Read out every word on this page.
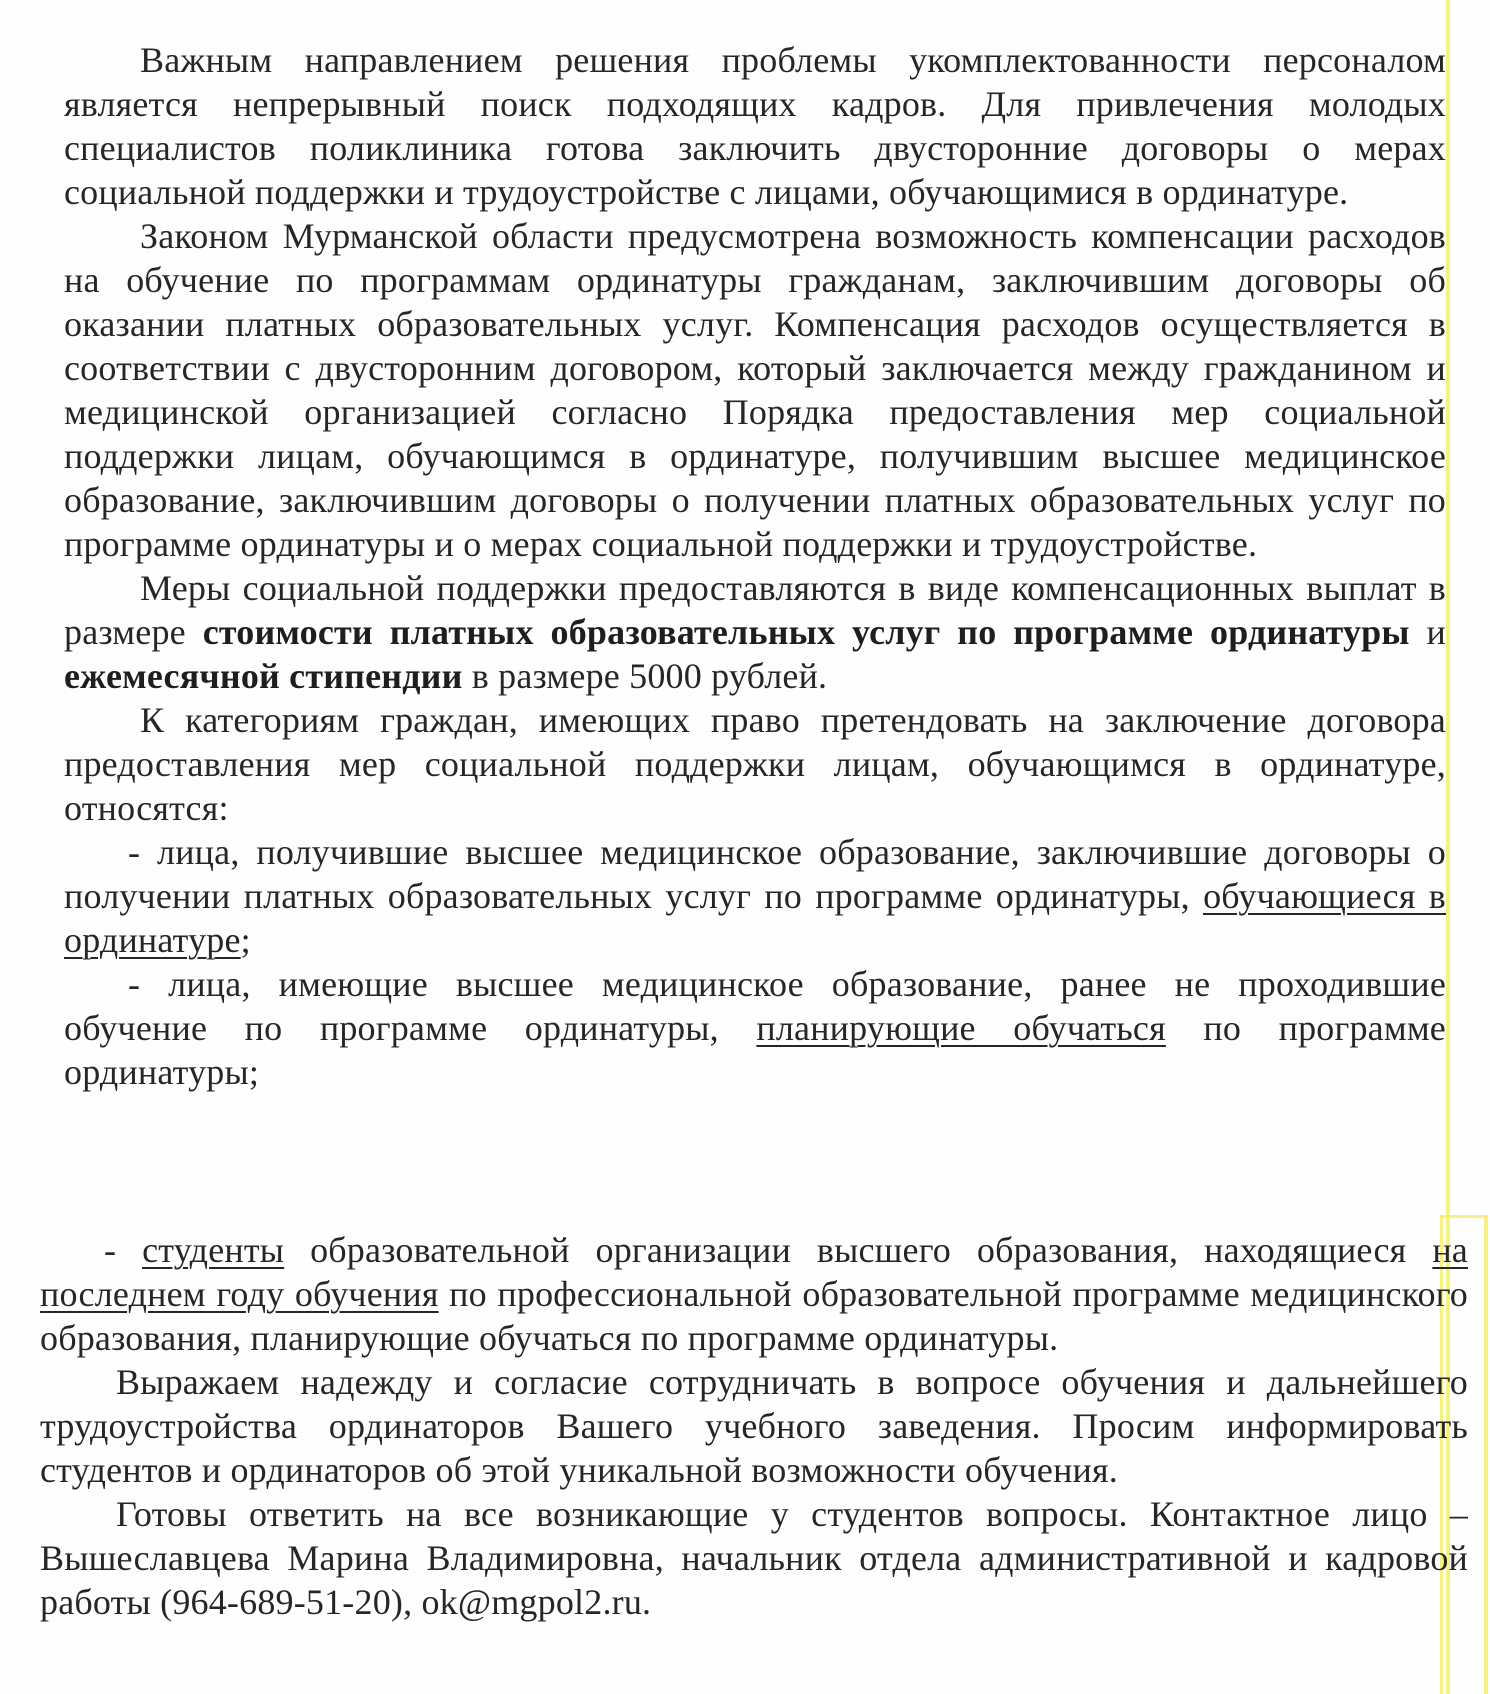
Важным направлением решения проблемы укомплектованности персоналом является непрерывный поиск подходящих кадров. Для привлечения молодых специалистов поликлиника готова заключить двусторонние договоры о мерах социальной поддержки и трудоустройстве с лицами, обучающимися в ординатуре.

Законом Мурманской области предусмотрена возможность компенсации расходов на обучение по программам ординатуры гражданам, заключившим договоры об оказании платных образовательных услуг. Компенсация расходов осуществляется в соответствии с двусторонним договором, который заключается между гражданином и медицинской организацией согласно Порядка предоставления мер социальной поддержки лицам, обучающимся в ординатуре, получившим высшее медицинское образование, заключившим договоры о получении платных образовательных услуг по программе ординатуры и о мерах социальной поддержки и трудоустройстве.

Меры социальной поддержки предоставляются в виде компенсационных выплат в размере стоимости платных образовательных услуг по программе ординатуры и ежемесячной стипендии в размере 5000 рублей.

К категориям граждан, имеющих право претендовать на заключение договора предоставления мер социальной поддержки лицам, обучающимся в ординатуре, относятся:

- лица, получившие высшее медицинское образование, заключившие договоры о получении платных образовательных услуг по программе ординатуры, обучающиеся в ординатуре;

- лица, имеющие высшее медицинское образование, ранее не проходившие обучение по программе ординатуры, планирующие обучаться по программе ординатуры;

- студенты образовательной организации высшего образования, находящиеся на последнем году обучения по профессиональной образовательной программе медицинского образования, планирующие обучаться по программе ординатуры.

Выражаем надежду и согласие сотрудничать в вопросе обучения и дальнейшего трудоустройства ординаторов Вашего учебного заведения. Просим информировать студентов и ординаторов об этой уникальной возможности обучения.

Готовы ответить на все возникающие у студентов вопросы. Контактное лицо – Вышеславцева Марина Владимировна, начальник отдела административной и кадровой работы (964-689-51-20), ok@mgpol2.ru.
